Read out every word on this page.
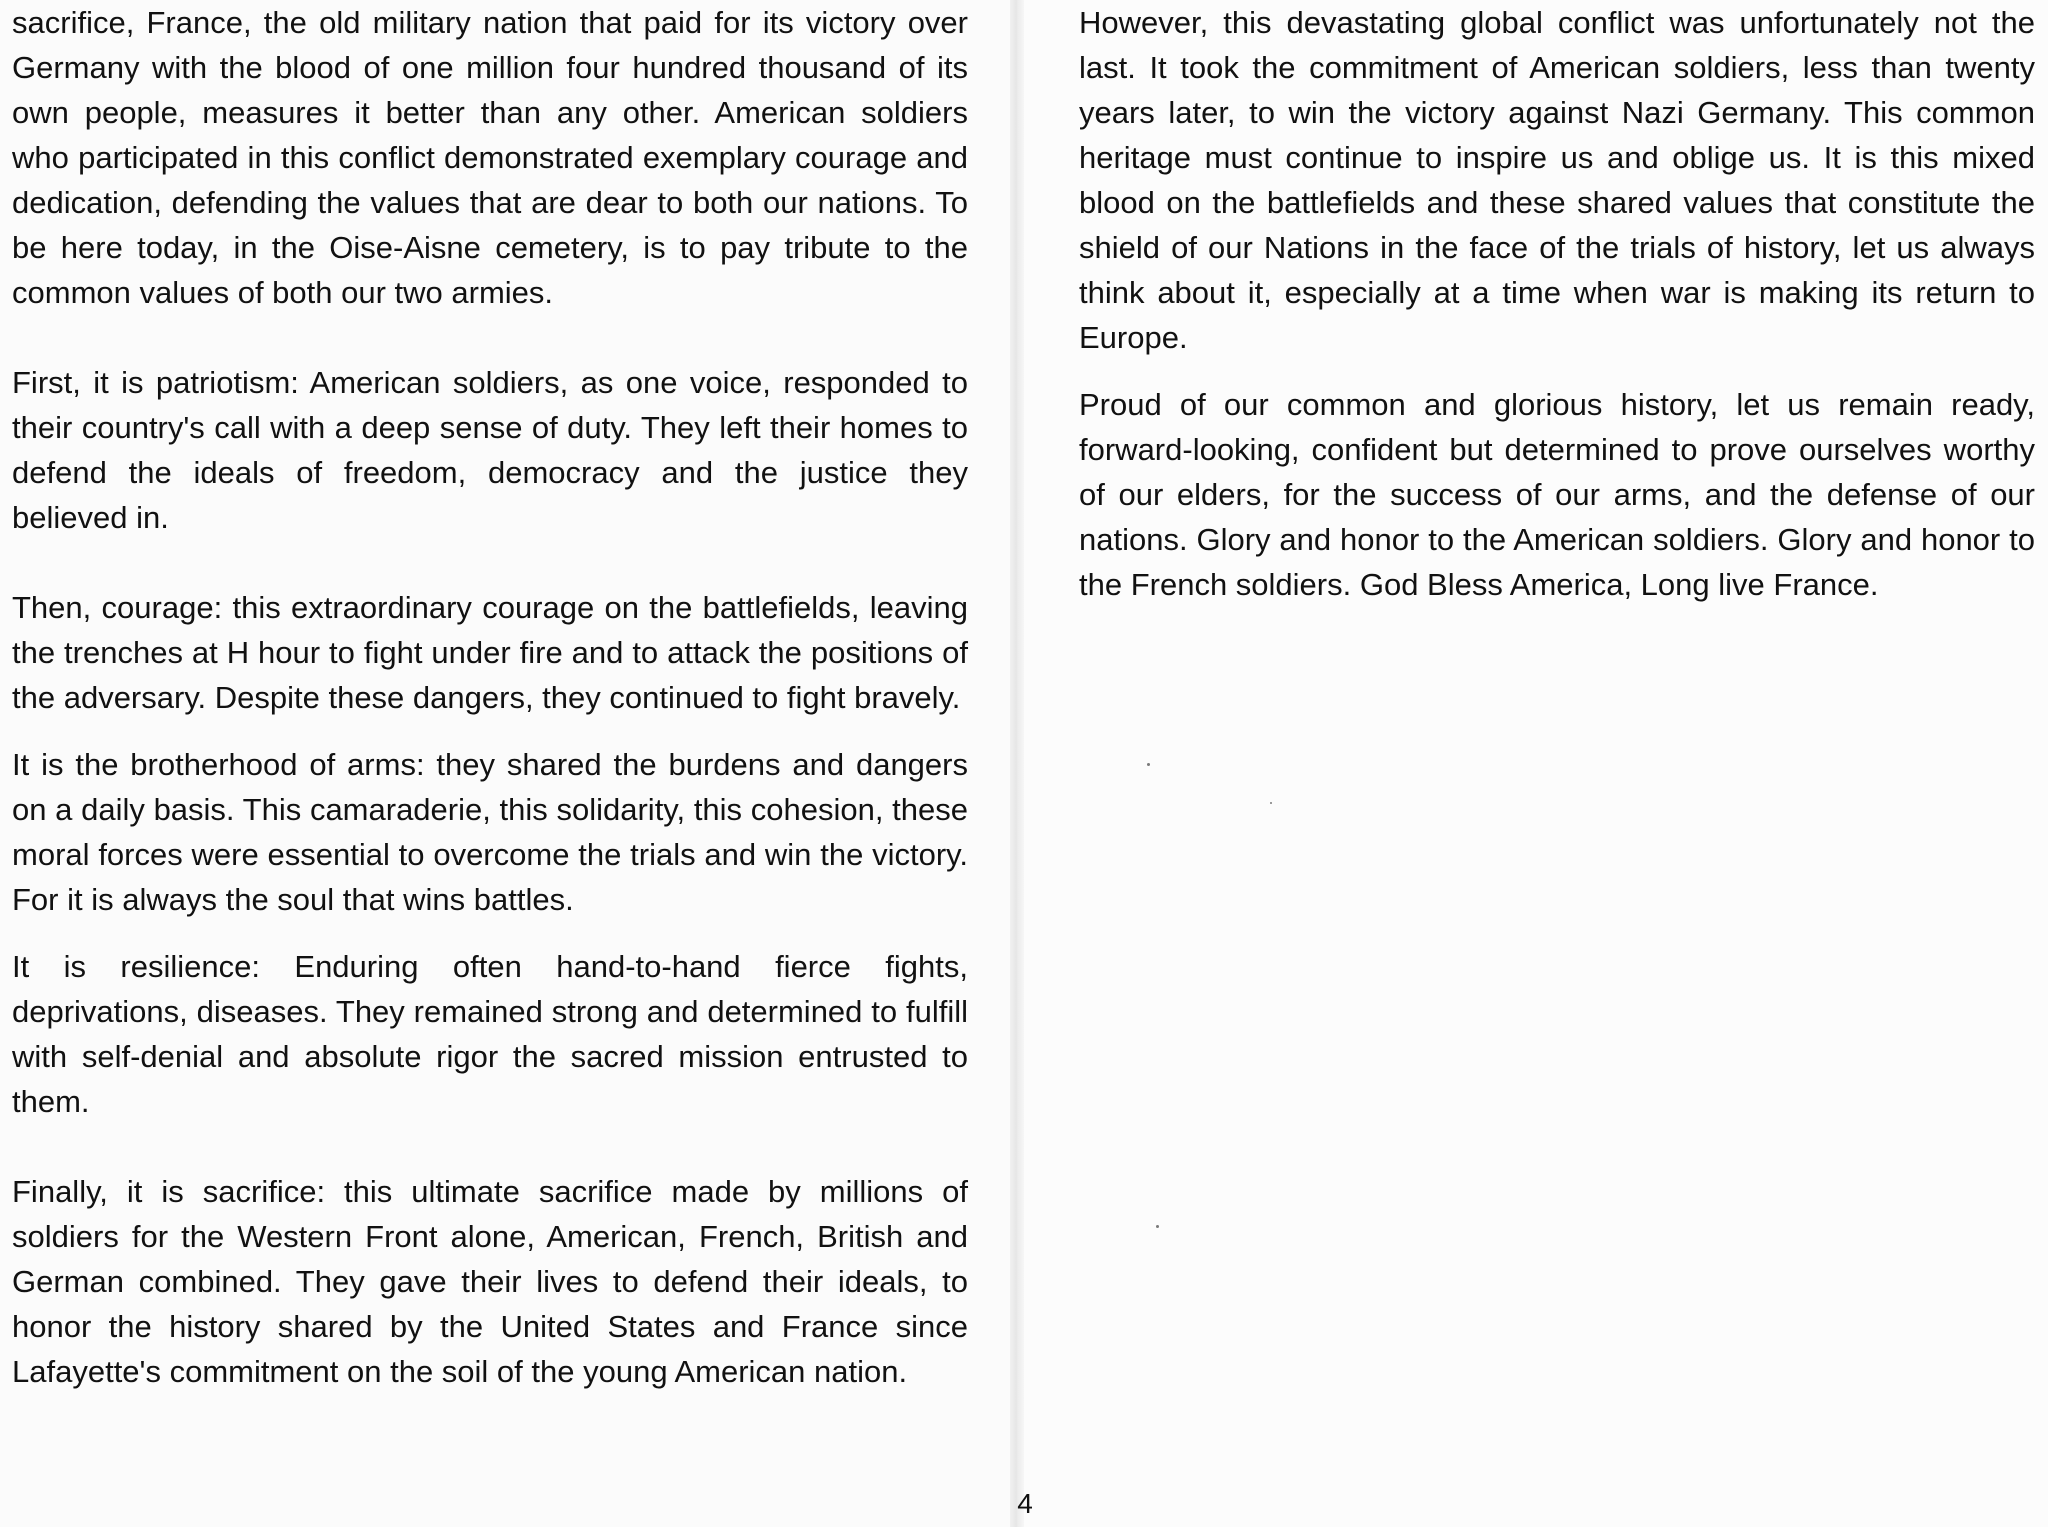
sacrifice, France, the old military nation that paid for its victory over Germany with the blood of one million four hundred thousand of its own people, measures it better than any other. American soldiers who participated in this conflict demonstrated exemplary courage and dedication, defending the values that are dear to both our nations. To be here today, in the Oise-Aisne cemetery, is to pay tribute to the common values of both our two armies.

First, it is patriotism: American soldiers, as one voice, responded to their country's call with a deep sense of duty. They left their homes to defend the ideals of freedom, democracy and the justice they believed in.

Then, courage: this extraordinary courage on the battlefields, leaving the trenches at H hour to fight under fire and to attack the positions of the adversary. Despite these dangers, they continued to fight bravely.

It is the brotherhood of arms: they shared the burdens and dangers on a daily basis. This camaraderie, this solidarity, this cohesion, these moral forces were essential to overcome the trials and win the victory. For it is always the soul that wins battles.

It is resilience: Enduring often hand-to-hand fierce fights, deprivations, diseases. They remained strong and determined to fulfill with self-denial and absolute rigor the sacred mission entrusted to them.

Finally, it is sacrifice: this ultimate sacrifice made by millions of soldiers for the Western Front alone, American, French, British and German combined. They gave their lives to defend their ideals, to honor the history shared by the United States and France since Lafayette's commitment on the soil of the young American nation.

However, this devastating global conflict was unfortunately not the last. It took the commitment of American soldiers, less than twenty years later, to win the victory against Nazi Germany. This common heritage must continue to inspire us and oblige us. It is this mixed blood on the battlefields and these shared values that constitute the shield of our Nations in the face of the trials of history, let us always think about it, especially at a time when war is making its return to Europe.

Proud of our common and glorious history, let us remain ready, forward-looking, confident but determined to prove ourselves worthy of our elders, for the success of our arms, and the defense of our nations. Glory and honor to the American soldiers. Glory and honor to the French soldiers. God Bless America, Long live France.

4
